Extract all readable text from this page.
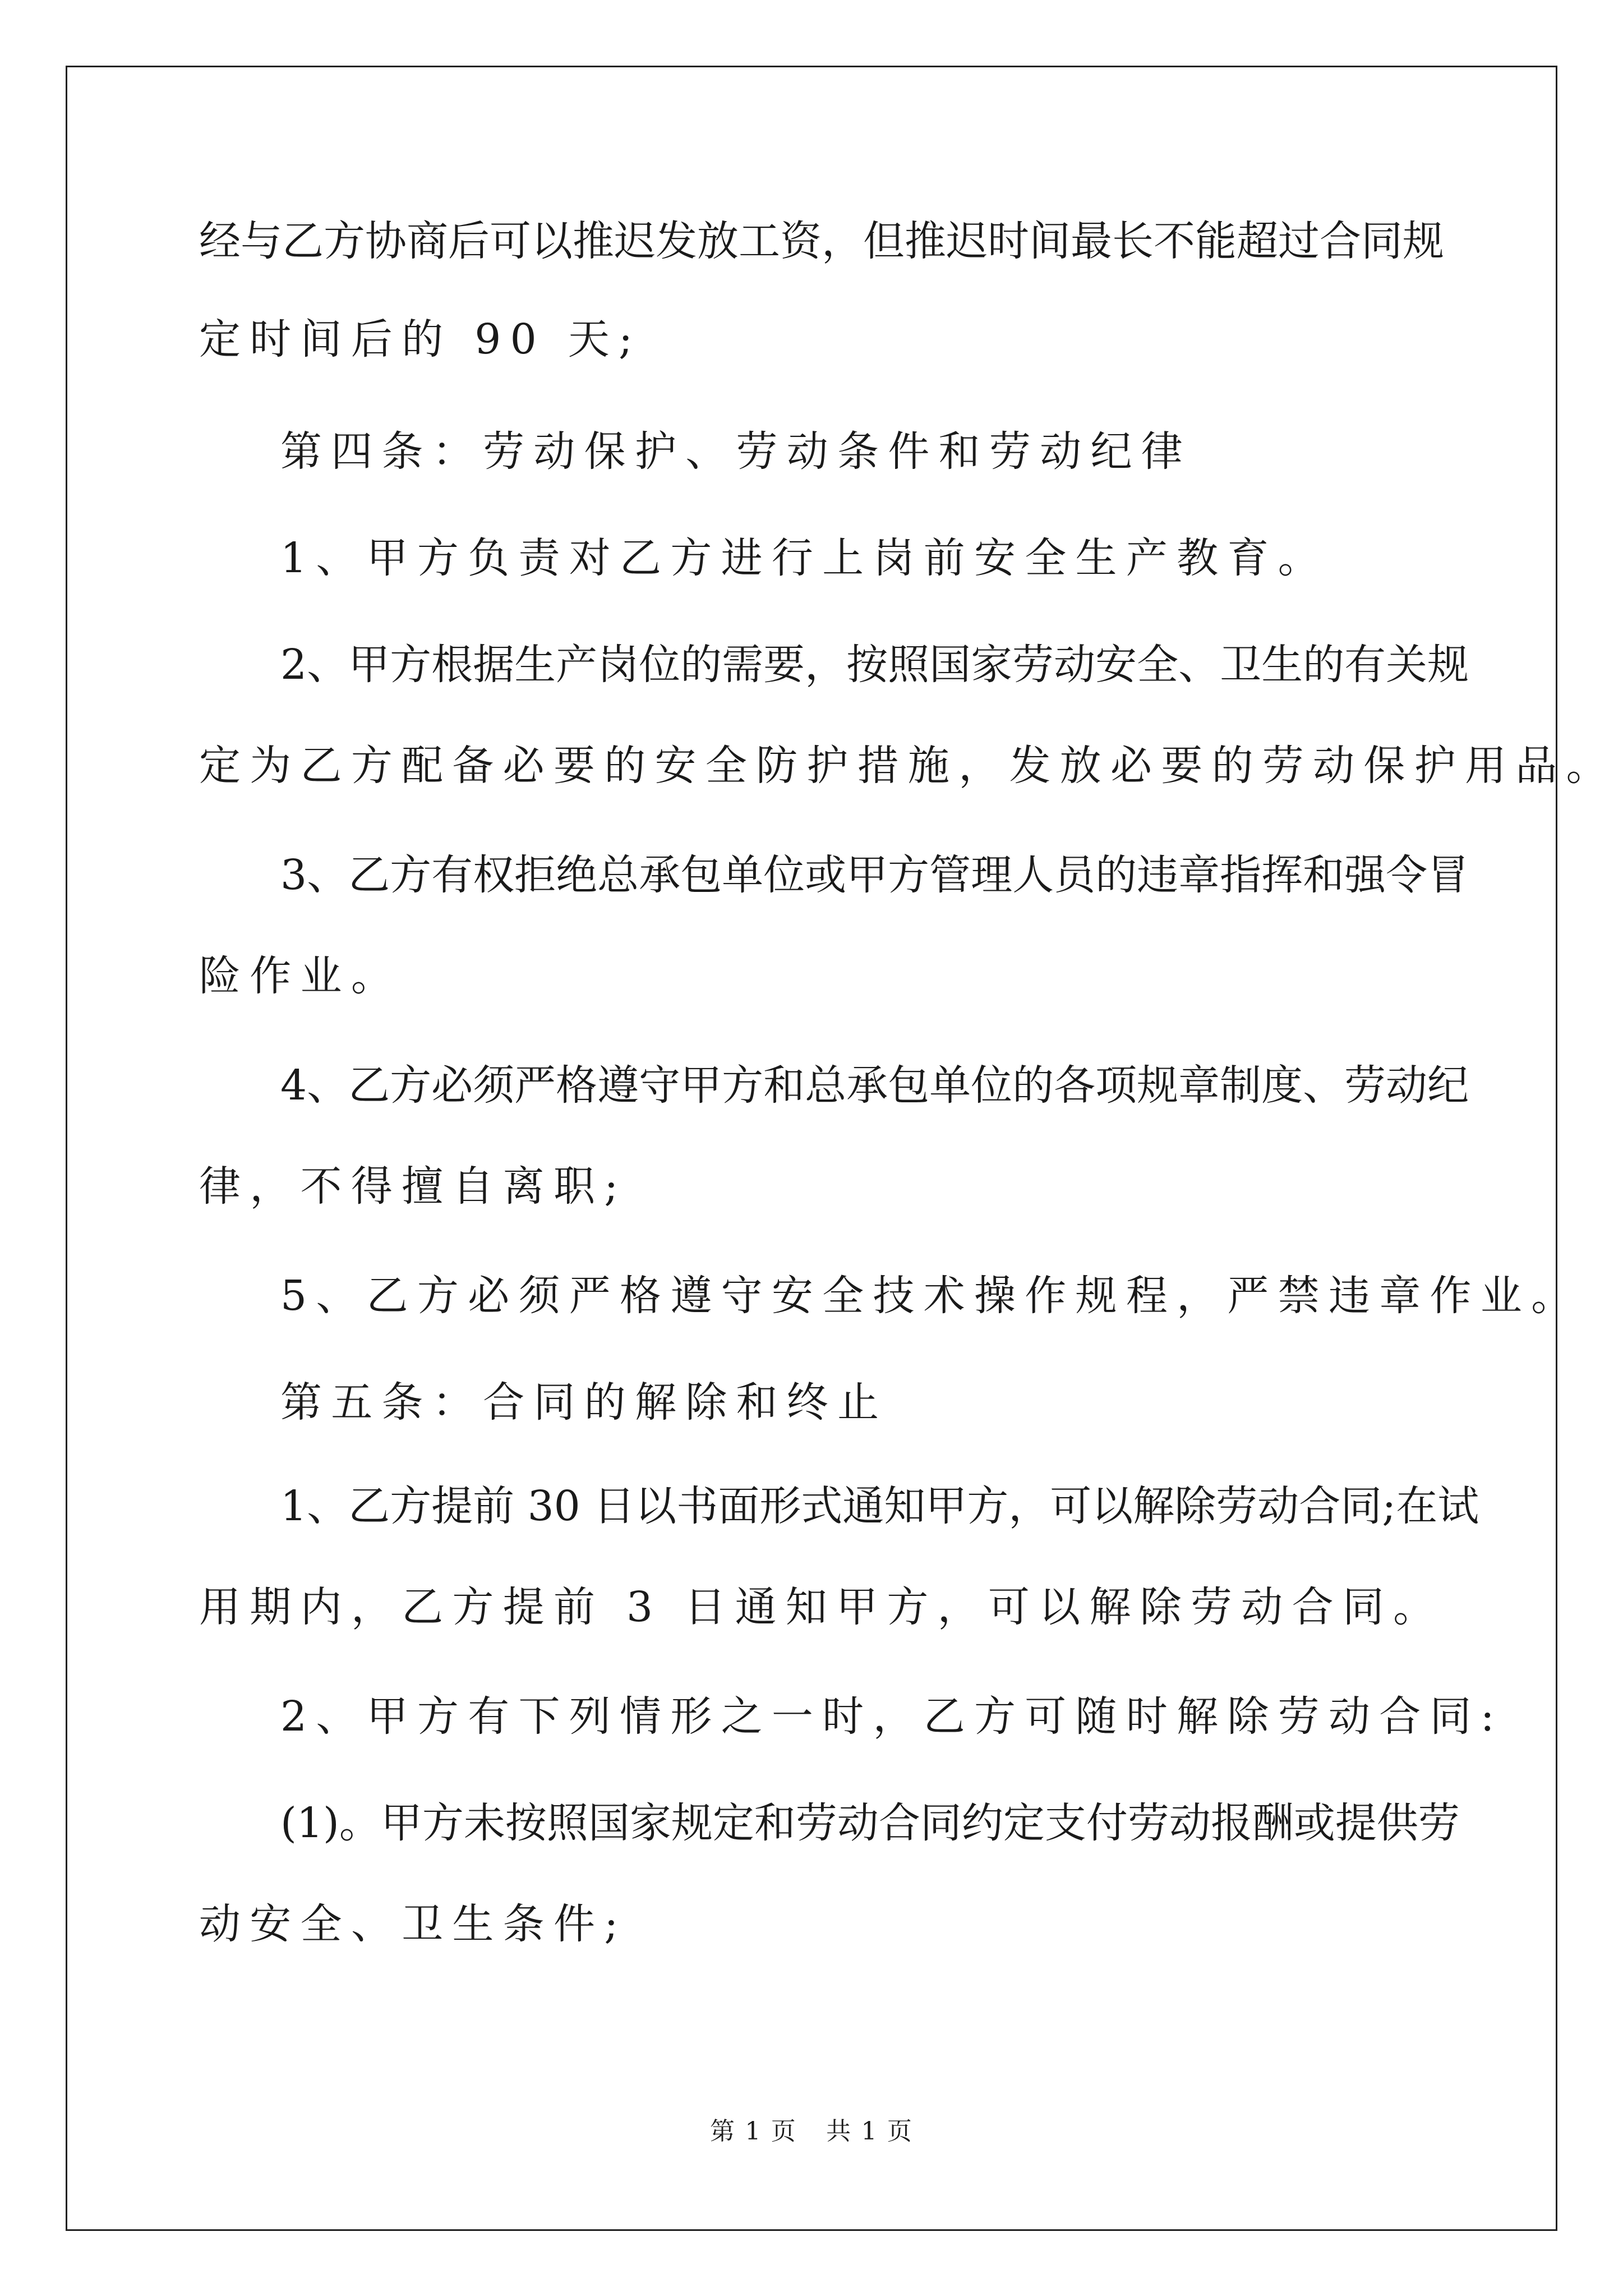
经与乙方协商后可以推迟发放工资，但推迟时间最长不能超过合同规
定时间后的 90 天;
第四条：劳动保护、劳动条件和劳动纪律
1、甲方负责对乙方进行上岗前安全生产教育。
2、甲方根据生产岗位的需要，按照国家劳动安全、卫生的有关规
定为乙方配备必要的安全防护措施，发放必要的劳动保护用品。
3、乙方有权拒绝总承包单位或甲方管理人员的违章指挥和强令冒
险作业。
4、乙方必须严格遵守甲方和总承包单位的各项规章制度、劳动纪
律，不得擅自离职;
5、乙方必须严格遵守安全技术操作规程，严禁违章作业。
第五条：合同的解除和终止
1、乙方提前 30 日以书面形式通知甲方，可以解除劳动合同;在试
用期内，乙方提前 3 日通知甲方，可以解除劳动合同。
2、甲方有下列情形之一时，乙方可随时解除劳动合同:
(1)。甲方未按照国家规定和劳动合同约定支付劳动报酬或提供劳
动安全、卫生条件;
第 1 页 共 1 页
